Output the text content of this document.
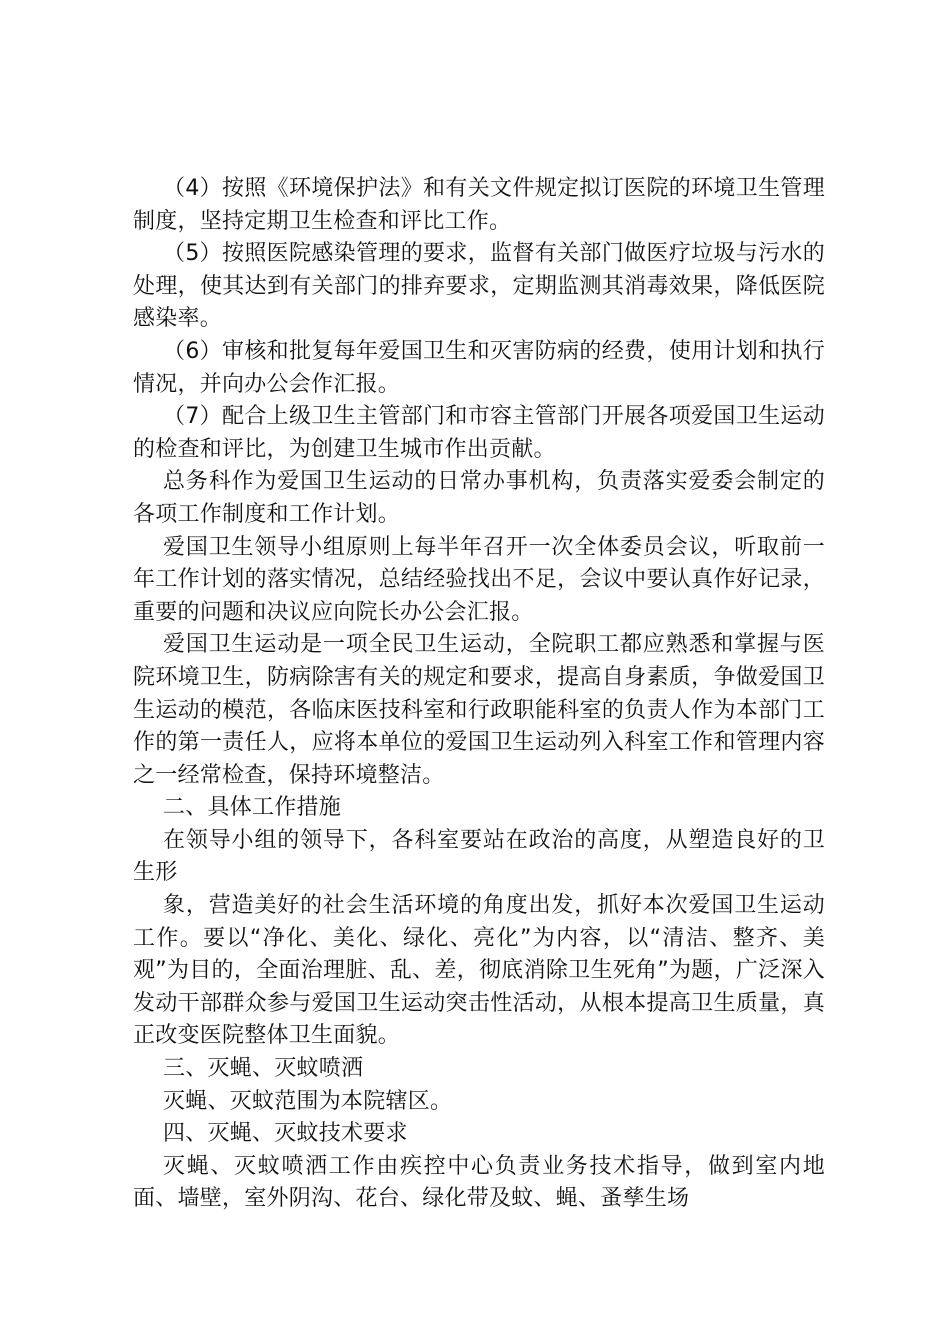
（4）按照《环境保护法》和有关文件规定拟订医院的环境卫生管理制度，坚持定期卫生检查和评比工作。

（5）按照医院感染管理的要求，监督有关部门做医疗垃圾与污水的处理，使其达到有关部门的排弃要求，定期监测其消毒效果，降低医院感染率。

（6）审核和批复每年爱国卫生和灭害防病的经费，使用计划和执行情况，并向办公会作汇报。

（7）配合上级卫生主管部门和市容主管部门开展各项爱国卫生运动的检查和评比，为创建卫生城市作出贡献。

总务科作为爱国卫生运动的日常办事机构，负责落实爱委会制定的各项工作制度和工作计划。

爱国卫生领导小组原则上每半年召开一次全体委员会议，听取前一年工作计划的落实情况，总结经验找出不足，会议中要认真作好记录，重要的问题和决议应向院长办公会汇报。

爱国卫生运动是一项全民卫生运动，全院职工都应熟悉和掌握与医院环境卫生，防病除害有关的规定和要求，提高自身素质，争做爱国卫生运动的模范，各临床医技科室和行政职能科室的负责人作为本部门工作的第一责任人，应将本单位的爱国卫生运动列入科室工作和管理内容之一经常检查，保持环境整洁。

二、具体工作措施

在领导小组的领导下，各科室要站在政治的高度，从塑造良好的卫生形

象，营造美好的社会生活环境的角度出发，抓好本次爱国卫生运动工作。要以“净化、美化、绿化、亮化”为内容，以“清洁、整齐、美观”为目的，全面治理脏、乱、差，彻底消除卫生死角”为题，广泛深入发动干部群众参与爱国卫生运动突击性活动，从根本提高卫生质量，真正改变医院整体卫生面貌。

三、灭蝇、灭蚊喷洒

灭蝇、灭蚊范围为本院辖区。

四、灭蝇、灭蚊技术要求

灭蝇、灭蚊喷洒工作由疾控中心负责业务技术指导，做到室内地面、墙壁，室外阴沟、花台、绿化带及蚊、蝇、蚤孳生场
